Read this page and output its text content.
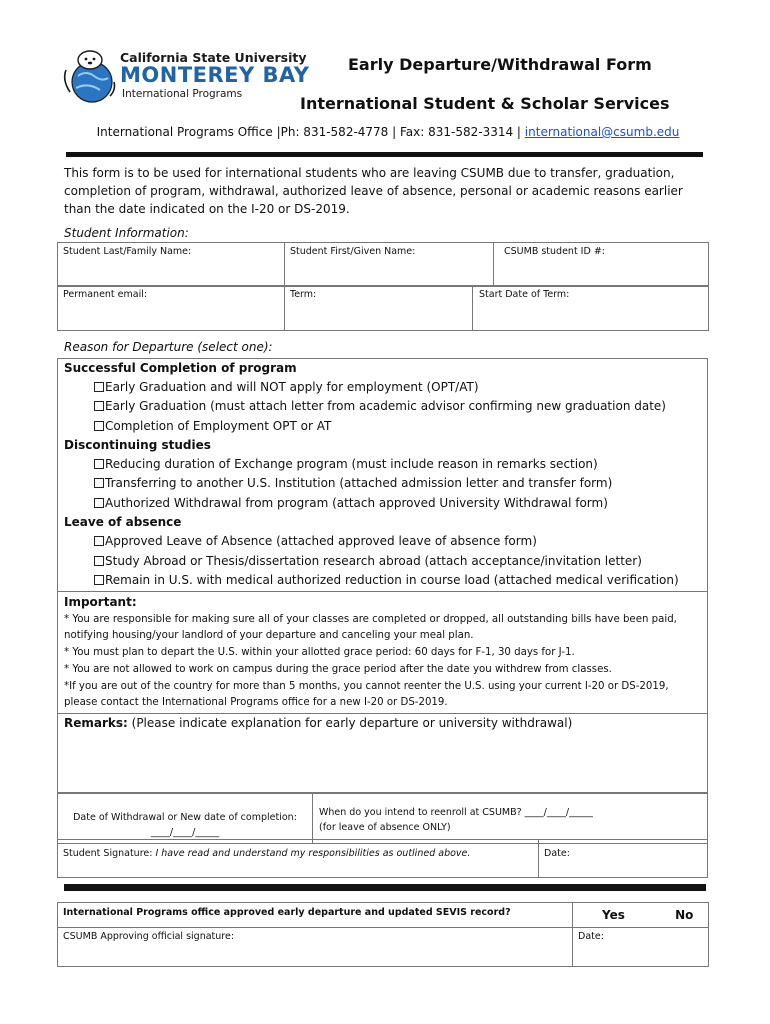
California State University
MONTEREY BAY
International Programs
Early Departure/Withdrawal Form
International Student & Scholar Services
International Programs Office |Ph: 831-582-4778 | Fax: 831-582-3314 | international@csumb.edu
This form is to be used for international students who are leaving CSUMB due to transfer, graduation, completion of program, withdrawal, authorized leave of absence, personal or academic reasons earlier than the date indicated on the I-20 or DS-2019.
Student Information:
Student Last/Family Name:	Student First/Given Name:	CSUMB student ID #:
Permanent email:	Term:	Start Date of Term:
Reason for Departure (select one):
Successful Completion of program
Early Graduation and will NOT apply for employment (OPT/AT)
Early Graduation (must attach letter from academic advisor confirming new graduation date)
Completion of Employment OPT or AT
Discontinuing studies
Reducing duration of Exchange program (must include reason in remarks section)
Transferring to another U.S. Institution (attached admission letter and transfer form)
Authorized Withdrawal from program (attach approved University Withdrawal form)
Leave of absence
Approved Leave of Absence (attached approved leave of absence form)
Study Abroad or Thesis/dissertation research abroad (attach acceptance/invitation letter)
Remain in U.S. with medical authorized reduction in course load (attached medical verification)
Important:
* You are responsible for making sure all of your classes are completed or dropped, all outstanding bills have been paid,
notifying housing/your landlord of your departure and canceling your meal plan.
* You must plan to depart the U.S. within your allotted grace period: 60 days for F-1, 30 days for J-1.
* You are not allowed to work on campus during the grace period after the date you withdrew from classes.
*If you are out of the country for more than 5 months, you cannot reenter the U.S. using your current I-20 or DS-2019,
please contact the International Programs office for a new I-20 or DS-2019.
Remarks: (Please indicate explanation for early departure or university withdrawal)
Date of Withdrawal or New date of completion:
____/____/_____

When do you intend to reenroll at CSUMB? ____/____/_____
(for leave of absence ONLY)
Student Signature: I have read and understand my responsibilities as outlined above.	Date:
International Programs office approved early departure and updated SEVIS record?	Yes No
CSUMB Approving official signature:	Date:
